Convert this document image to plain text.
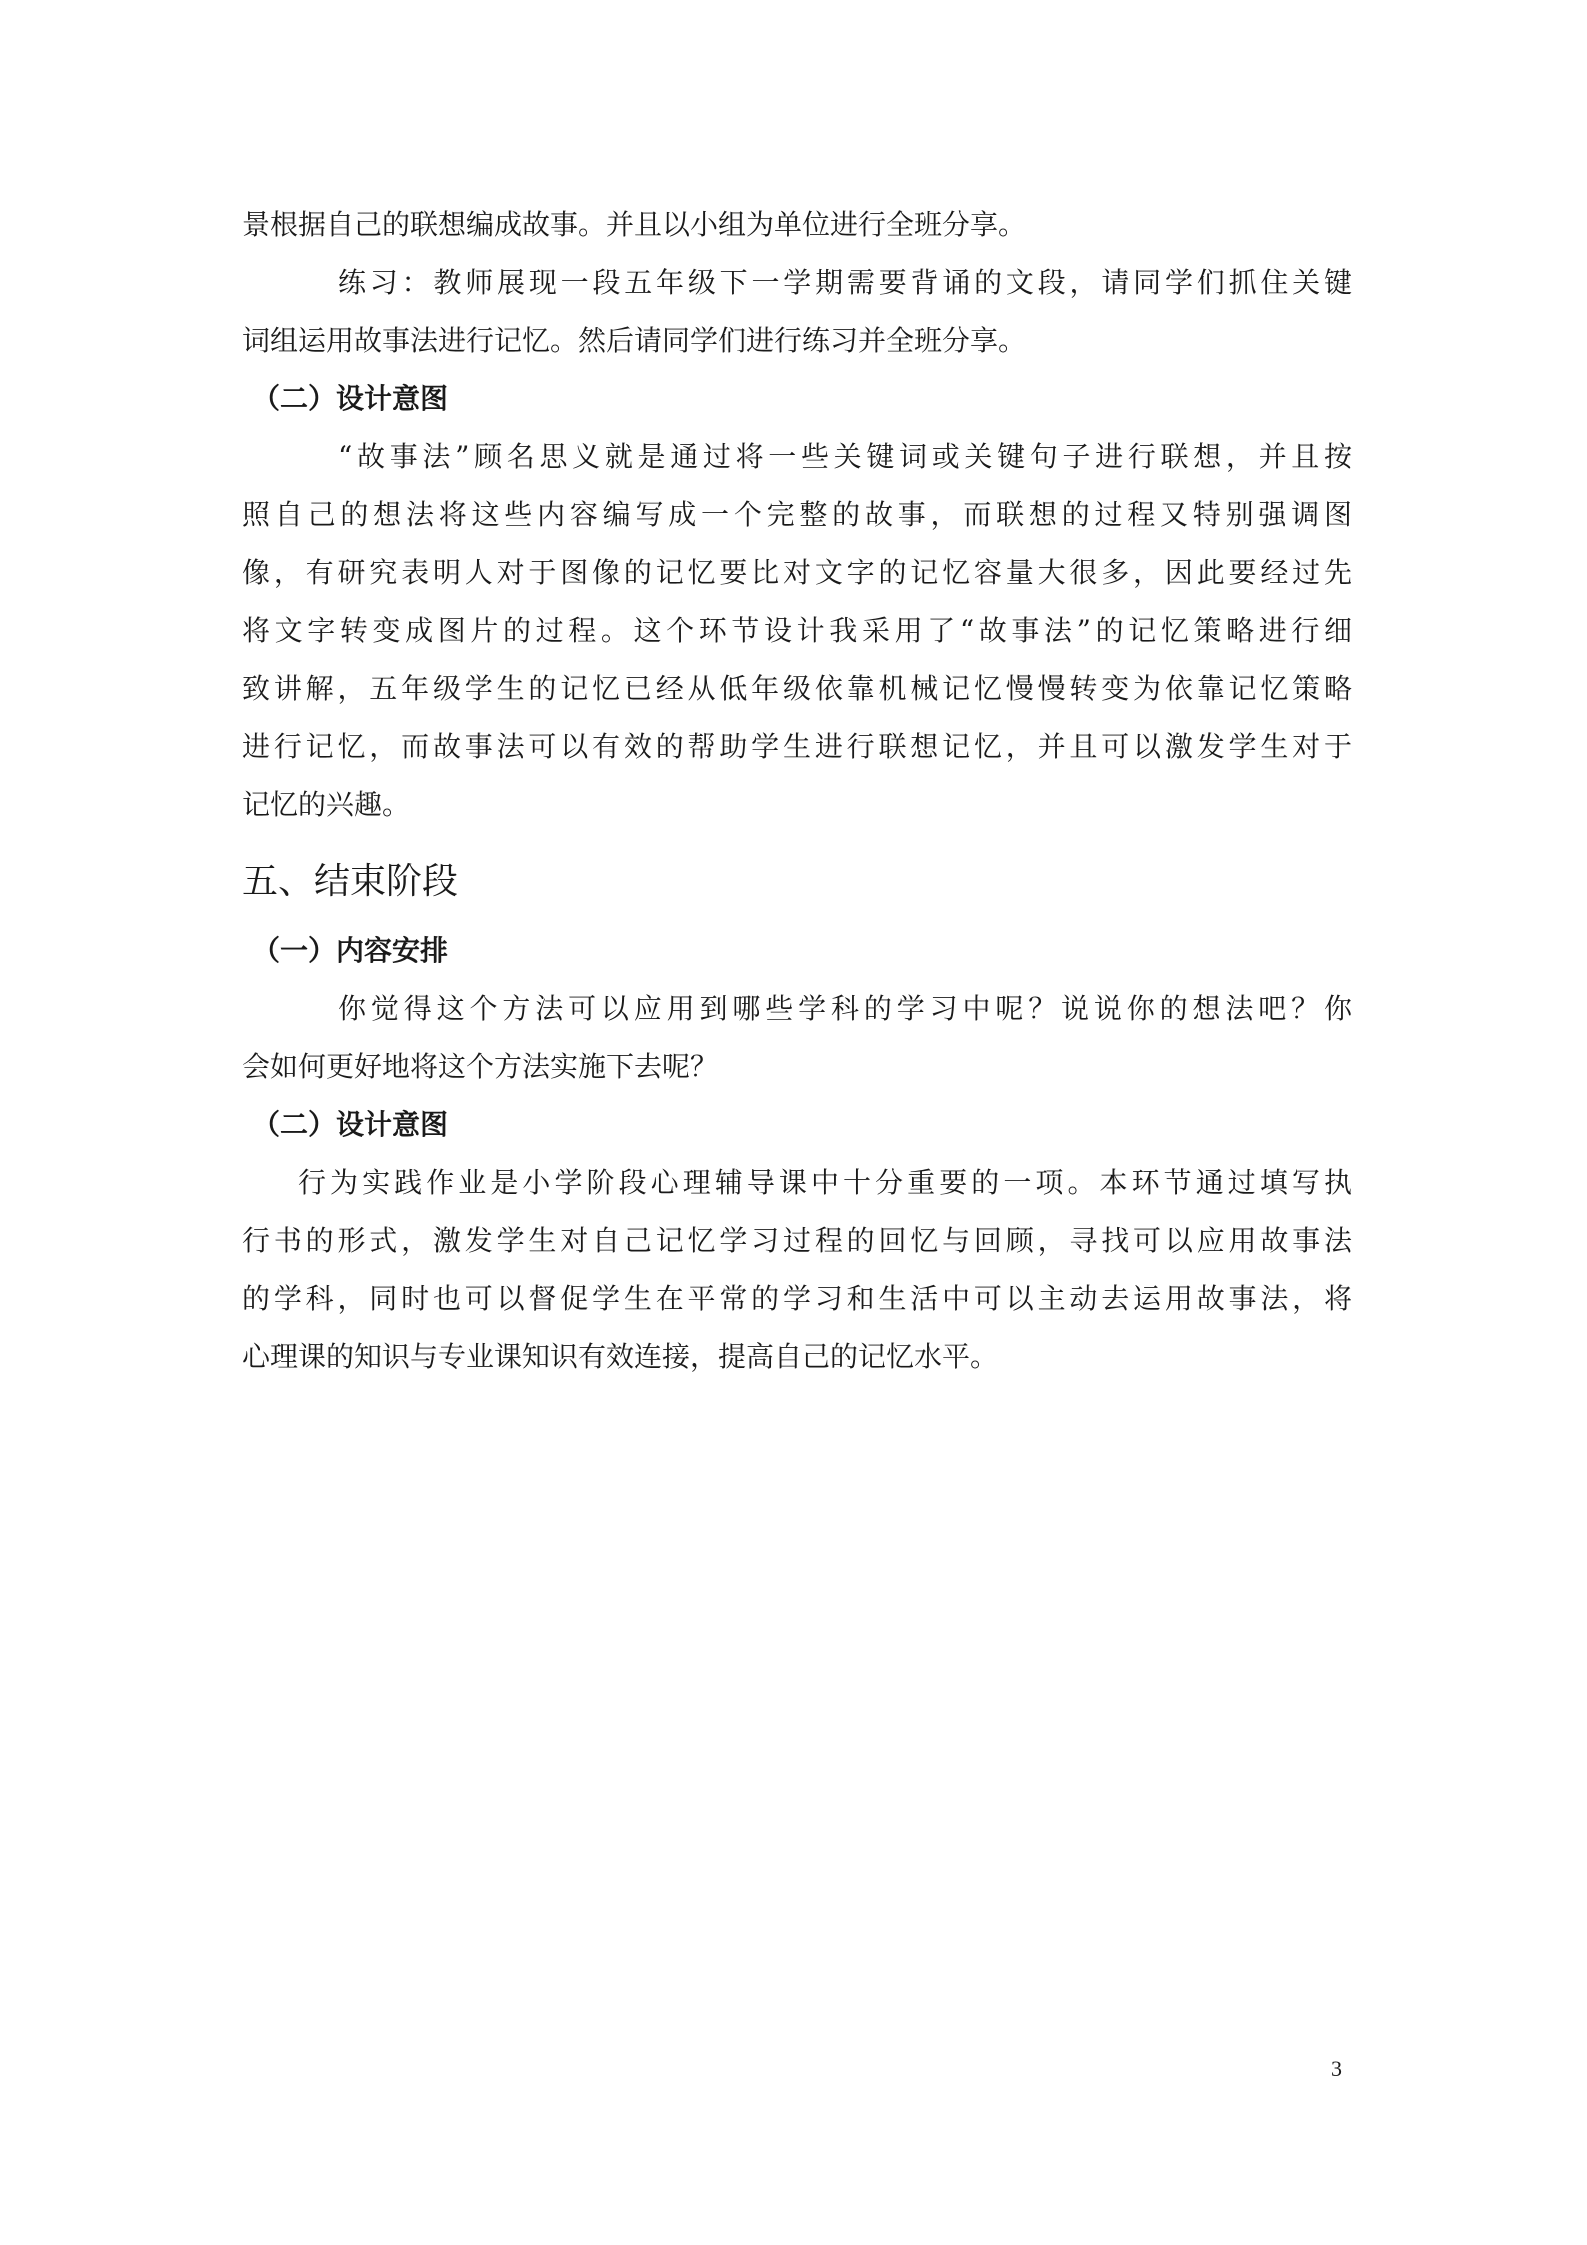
景根据自己的联想编成故事。并且以小组为单位进行全班分享。

练习：教师展现一段五年级下一学期需要背诵的文段，请同学们抓住关键

词组运用故事法进行记忆。然后请同学们进行练习并全班分享。

（二）设计意图

“故事法”顾名思义就是通过将一些关键词或关键句子进行联想，并且按

照自己的想法将这些内容编写成一个完整的故事，而联想的过程又特别强调图

像，有研究表明人对于图像的记忆要比对文字的记忆容量大很多，因此要经过先

将文字转变成图片的过程。这个环节设计我采用了“故事法”的记忆策略进行细

致讲解，五年级学生的记忆已经从低年级依靠机械记忆慢慢转变为依靠记忆策略

进行记忆，而故事法可以有效的帮助学生进行联想记忆，并且可以激发学生对于

记忆的兴趣。

五、结束阶段

（一）内容安排

你觉得这个方法可以应用到哪些学科的学习中呢？说说你的想法吧？你

会如何更好地将这个方法实施下去呢？

（二）设计意图

行为实践作业是小学阶段心理辅导课中十分重要的一项。本环节通过填写执

行书的形式，激发学生对自己记忆学习过程的回忆与回顾，寻找可以应用故事法

的学科，同时也可以督促学生在平常的学习和生活中可以主动去运用故事法，将

心理课的知识与专业课知识有效连接，提高自己的记忆水平。

3
